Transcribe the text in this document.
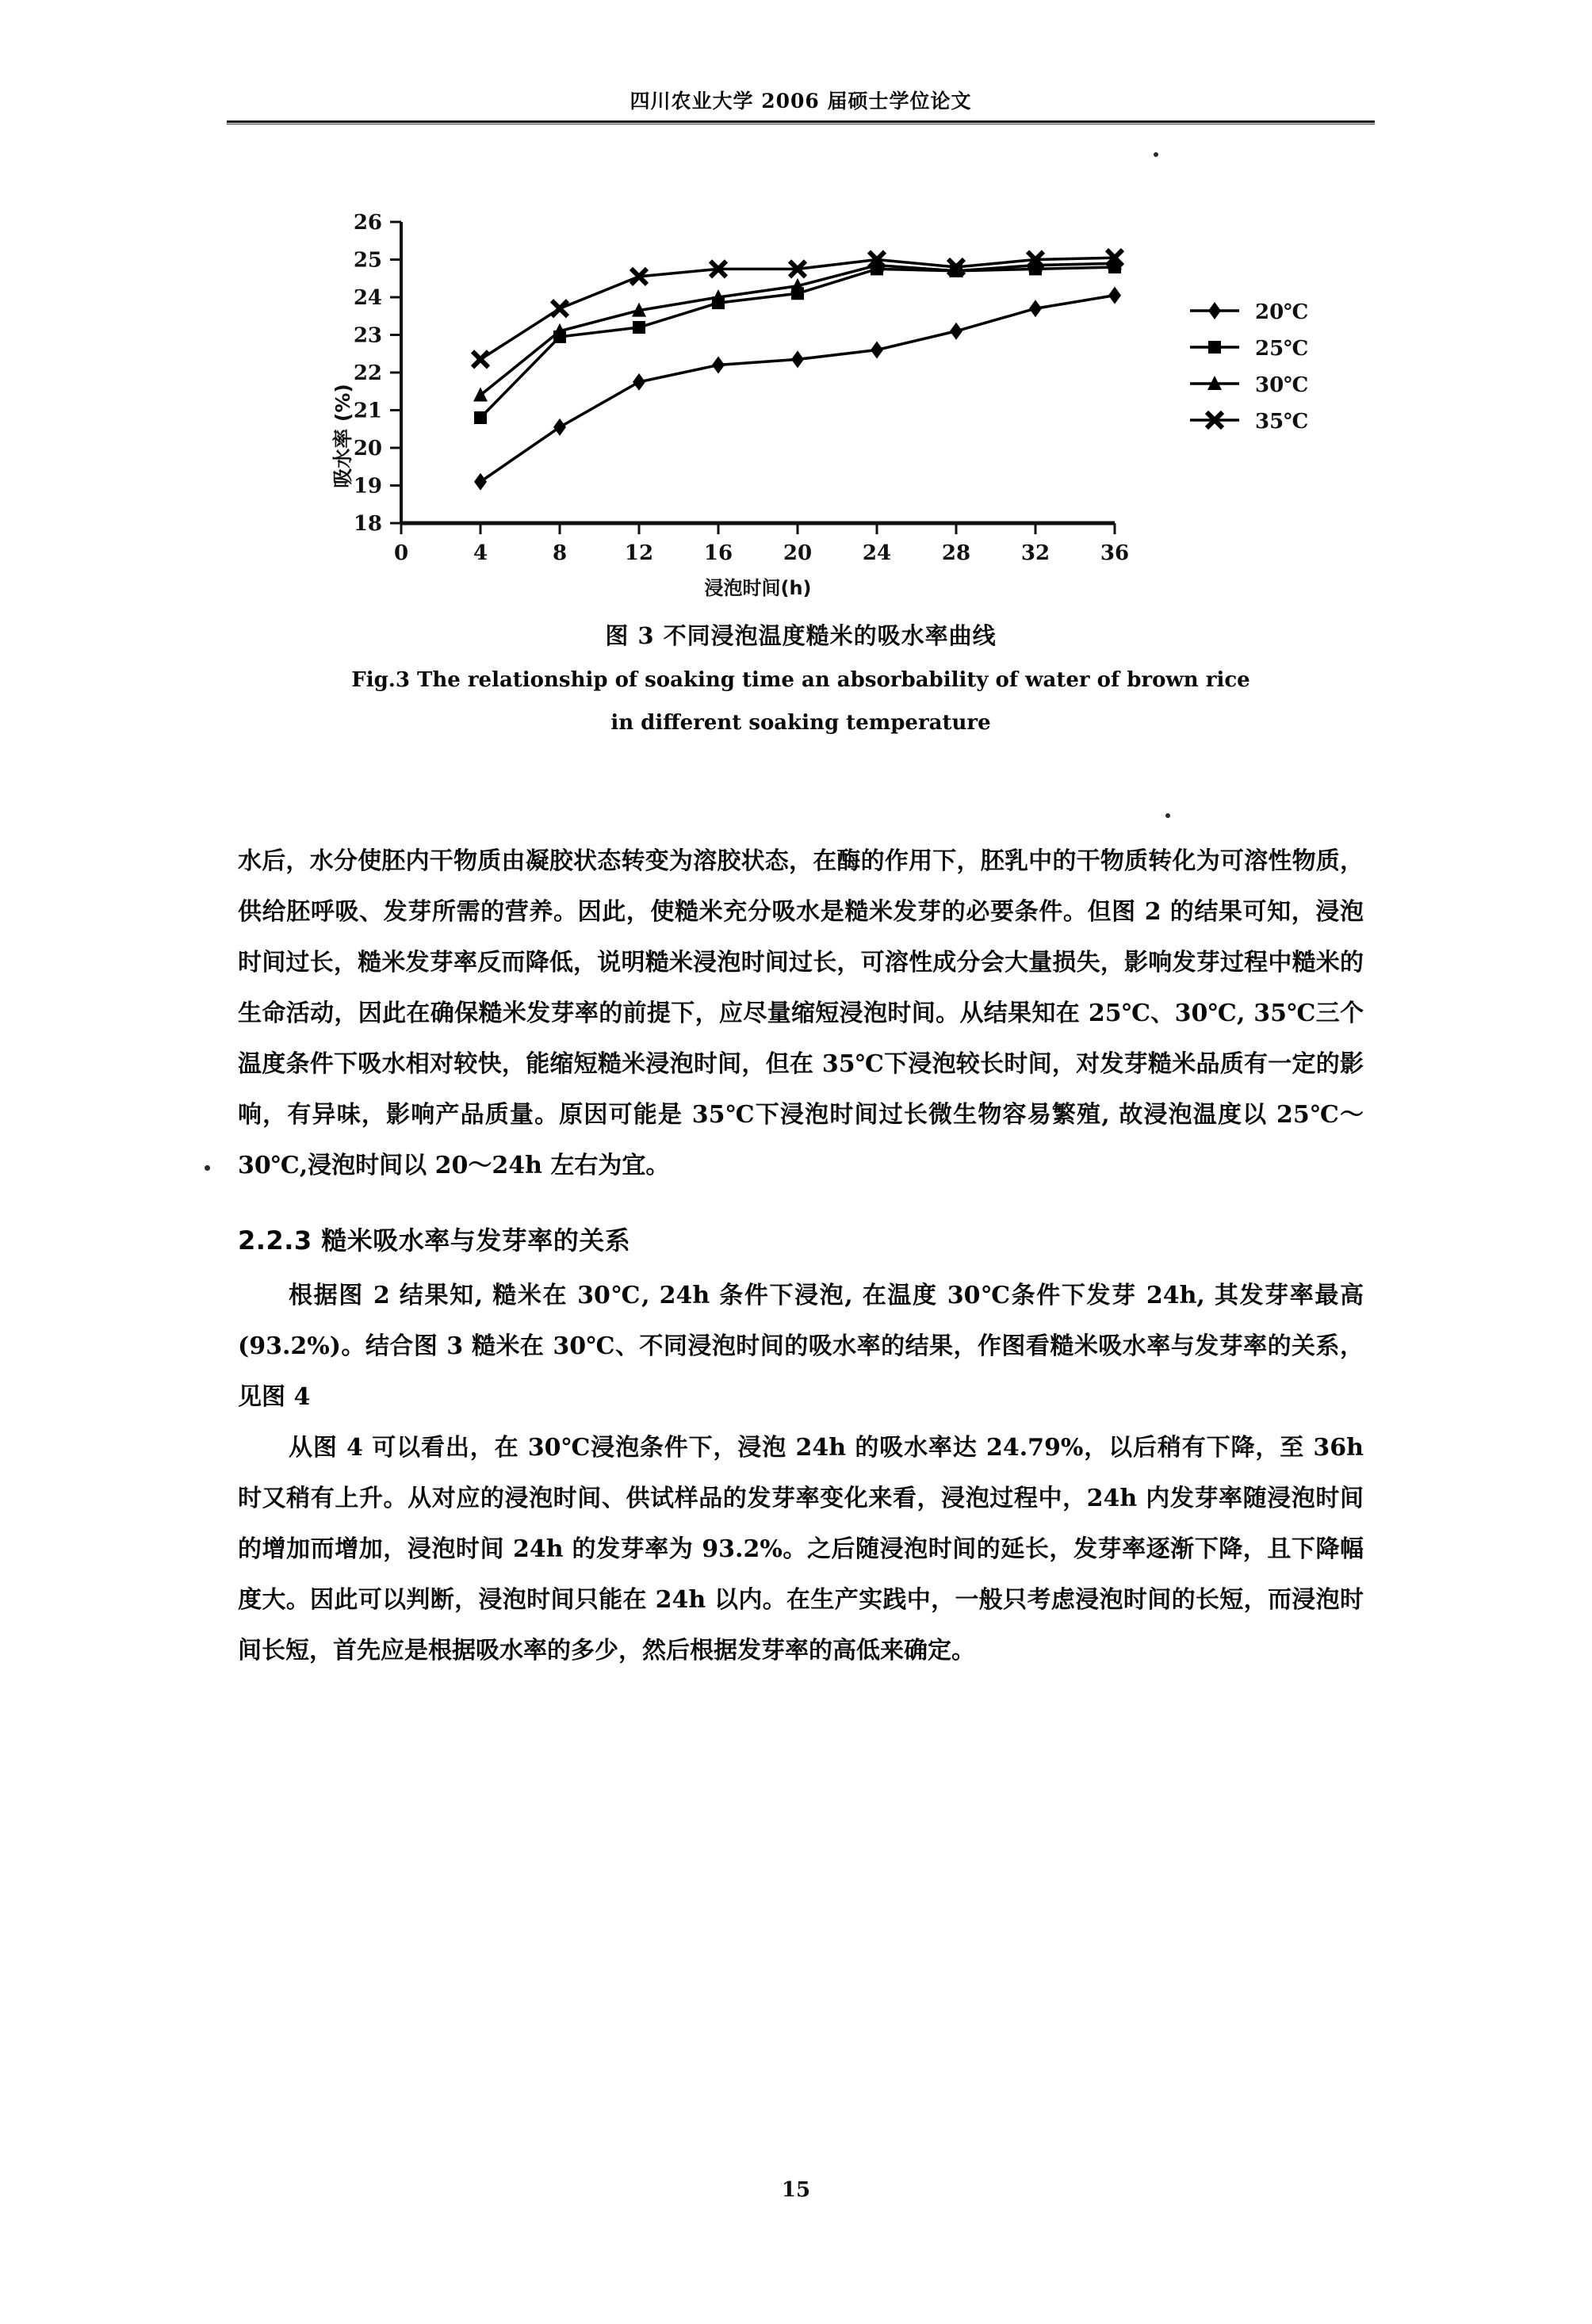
四川农业大学 2006 届硕士学位论文
吸水率 (%)
18
19
20
21
22
23
24
25
26
0	4	8	12 16 20 24 28 32 36
浸泡时间(h)
20℃
25℃
30℃
35℃
图 3 不同浸泡温度糙米的吸水率曲线
Fig.3 The relationship of soaking time an absorbability of water of brown rice
in different soaking temperature

水后，水分使胚内干物质由凝胶状态转变为溶胶状态，在酶的作用下，胚乳中的干物质转化为可溶性物质，供给胚呼吸、发芽所需的营养。因此，使糙米充分吸水是糙米发芽的必要条件。但图 2 的结果可知，浸泡时间过长，糙米发芽率反而降低，说明糙米浸泡时间过长，可溶性成分会大量损失，影响发芽过程中糙米的生命活动，因此在确保糙米发芽率的前提下，应尽量缩短浸泡时间。从结果知在 25℃、30℃, 35℃三个温度条件下吸水相对较快，能缩短糙米浸泡时间，但在 35℃下浸泡较长时间，对发芽糙米品质有一定的影响，有异味，影响产品质量。原因可能是 35℃下浸泡时间过长微生物容易繁殖, 故浸泡温度以 25℃～30℃,浸泡时间以 20～24h 左右为宜。

2.2.3 糙米吸水率与发芽率的关系

根据图 2 结果知, 糙米在 30℃, 24h 条件下浸泡, 在温度 30℃条件下发芽 24h, 其发芽率最高 (93.2%)。结合图 3 糙米在 30℃、不同浸泡时间的吸水率的结果，作图看糙米吸水率与发芽率的关系，见图 4

从图 4 可以看出，在 30℃浸泡条件下，浸泡 24h 的吸水率达 24.79%，以后稍有下降，至 36h 时又稍有上升。从对应的浸泡时间、供试样品的发芽率变化来看，浸泡过程中，24h 内发芽率随浸泡时间的增加而增加，浸泡时间 24h 的发芽率为 93.2%。之后随浸泡时间的延长，发芽率逐渐下降，且下降幅度大。因此可以判断，浸泡时间只能在 24h 以内。在生产实践中，一般只考虑浸泡时间的长短，而浸泡时间长短，首先应是根据吸水率的多少，然后根据发芽率的高低来确定。

15
